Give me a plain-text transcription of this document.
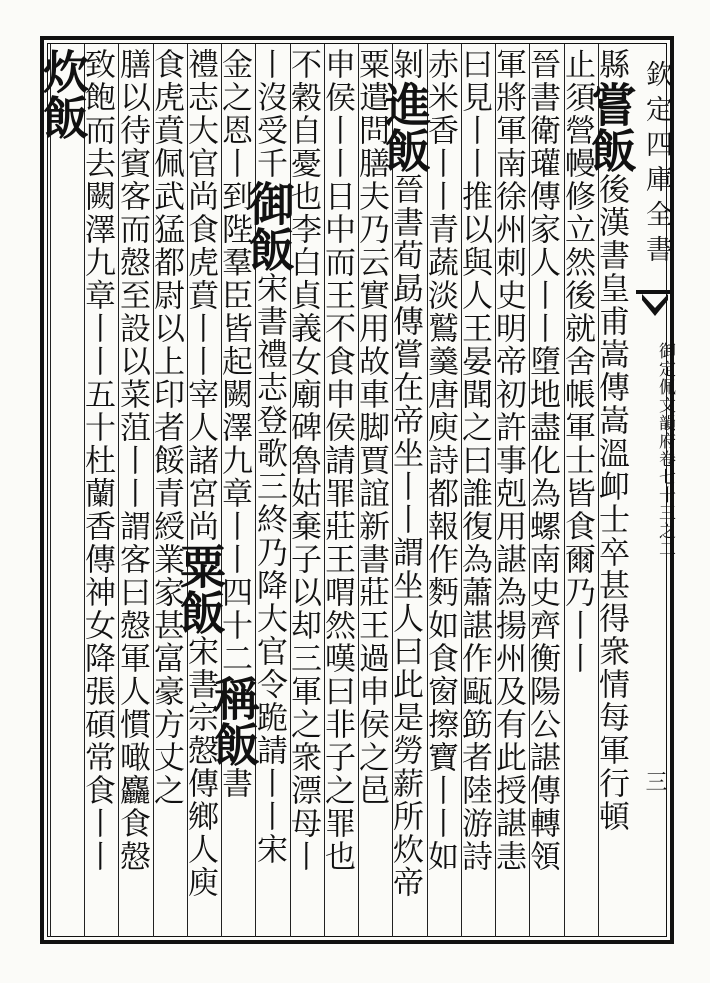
欽定四庫全書
御定佩文韻府卷七十三之二
三
縣嘗飯後漢書皇甫嵩傳嵩溫卹士卒甚得衆情每軍行頓
止須營幔修立然後就舍帳軍士皆食爾乃丨丨
晉書衛瓘傳家人丨丨墮地盡化為螺南史齊衡陽公諶傳轉領
軍將軍南徐州刺史明帝初許事剋用諶為揚州及有此授諶恚
曰見丨丨推以與人王晏聞之曰誰復為蕭諶作甌筯者陸游詩
赤米香丨丨青蔬淡鷲羹唐庾詩都報作麪如食窗擦寶丨丨如
剝進飯晉書荀勗傳嘗在帝坐丨丨謂坐人曰此是勞薪所炊帝
粟遣問膳夫乃云實用故車脚賈誼新書莊王過申侯之邑
申侯丨丨日中而王不食申侯請罪莊王喟然嘆曰非子之罪也
不穀自憂也李白貞義女廟碑魯姑棄子以却三軍之衆漂母丨
丨沒受千御飯宋書禮志登歌三終乃降大官令跪請丨丨宋
金之恩丨到陛羣臣皆起闕澤九章丨丨四十二稱飯書
禮志大官尚食虎賁丨丨宰人諸宮尚粟飯宋書宗慤傳鄉人庾
食虎賁佩武猛都尉以上印者餒青綬業家甚富豪方丈之
膳以待賓客而慤至設以菜菹丨丨謂客曰慤軍人慣噉麤食慤
致飽而去闕澤九章丨丨五十杜蘭香傳神女降張碩常食丨丨
炊飯
